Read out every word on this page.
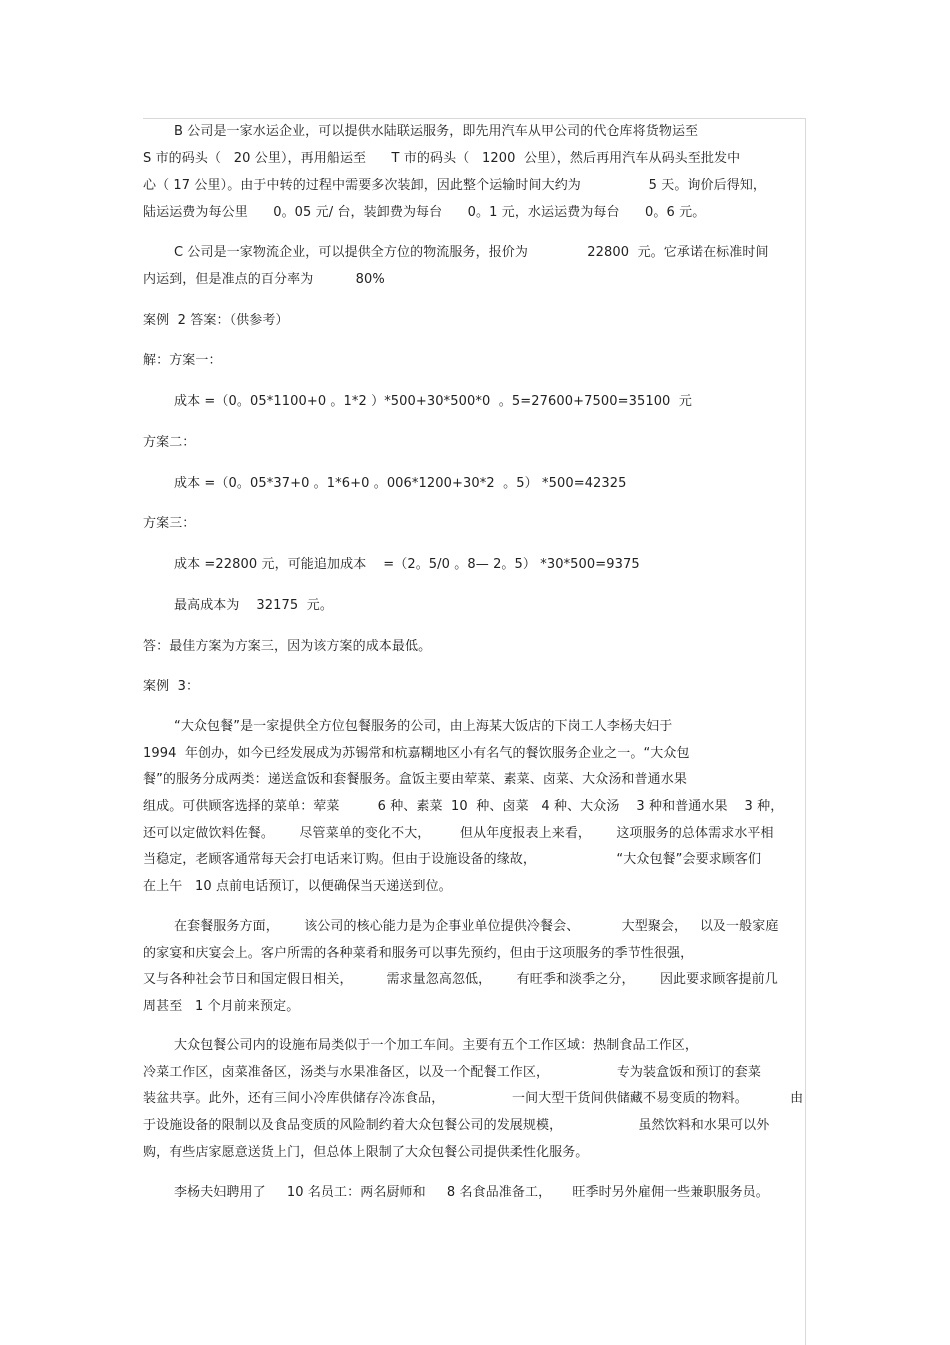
B 公司是一家水运企业，可以提供水陆联运服务，即先用汽车从甲公司的代仓库将货物运至
S 市的码头（   20 公里），再用船运至      T 市的码头（   1200  公里），然后再用汽车从码头至批发中
心（ 17 公里）。由于中转的过程中需要多次装卸，因此整个运输时间大约为                5 天。询价后得知，
陆运运费为每公里      0。05 元/ 台，装卸费为每台      0。1 元，水运运费为每台      0。6 元。
C 公司是一家物流企业，可以提供全方位的物流服务，报价为              22800  元。它承诺在标准时间
内运到，但是准点的百分率为          80%
案例  2 答案：（供参考）
解：方案一：
成本 =（0。05*1100+0 。1*2 ）*500+30*500*0  。5=27600+7500=35100  元
方案二：
成本 =（0。05*37+0 。1*6+0 。006*1200+30*2  。5） *500=42325
方案三：
成本 =22800 元，可能追加成本    =（2。5/0 。8— 2。5） *30*500=9375
最高成本为    32175  元。
答：最佳方案为方案三，因为该方案的成本最低。
案例  3：
“大众包餐”是一家提供全方位包餐服务的公司，由上海某大饭店的下岗工人李杨夫妇于
1994  年创办，如今已经发展成为苏锡常和杭嘉糊地区小有名气的餐饮服务企业之一。“大众包
餐”的服务分成两类：递送盒饭和套餐服务。盒饭主要由荤菜、素菜、卤菜、大众汤和普通水果
组成。可供顾客选择的菜单：荤菜         6 种、素菜  10  种、卤菜   4 种、大众汤    3 种和普通水果    3 种，
还可以定做饮料佐餐。      尽管菜单的变化不大，       但从年度报表上来看，      这项服务的总体需求水平相
当稳定，老顾客通常每天会打电话来订购。但由于设施设备的缘故，                   “大众包餐”会要求顾客们
在上午   10 点前电话预订，以便确保当天递送到位。
在套餐服务方面，      该公司的核心能力是为企事业单位提供冷餐会、          大型聚会，   以及一般家庭
的家宴和庆宴会上。客户所需的各种菜肴和服务可以事先预约，但由于这项服务的季节性很强，
又与各种社会节日和国定假日相关，        需求量忽高忽低，      有旺季和淡季之分，      因此要求顾客提前几
周甚至   1 个月前来预定。
大众包餐公司内的设施布局类似于一个加工车间。主要有五个工作区域：热制食品工作区，
冷菜工作区，卤菜准备区，汤类与水果准备区，以及一个配餐工作区，                专为装盒饭和预订的套菜
装盆共享。此外，还有三间小冷库供储存冷冻食品，                一间大型干货间供储藏不易变质的物料。          由
于设施设备的限制以及食品变质的风险制约着大众包餐公司的发展规模，                  虽然饮料和水果可以外
购，有些店家愿意送货上门，但总体上限制了大众包餐公司提供柔性化服务。
李杨夫妇聘用了     10 名员工：两名厨师和     8 名食品准备工，     旺季时另外雇佣一些兼职服务员。
